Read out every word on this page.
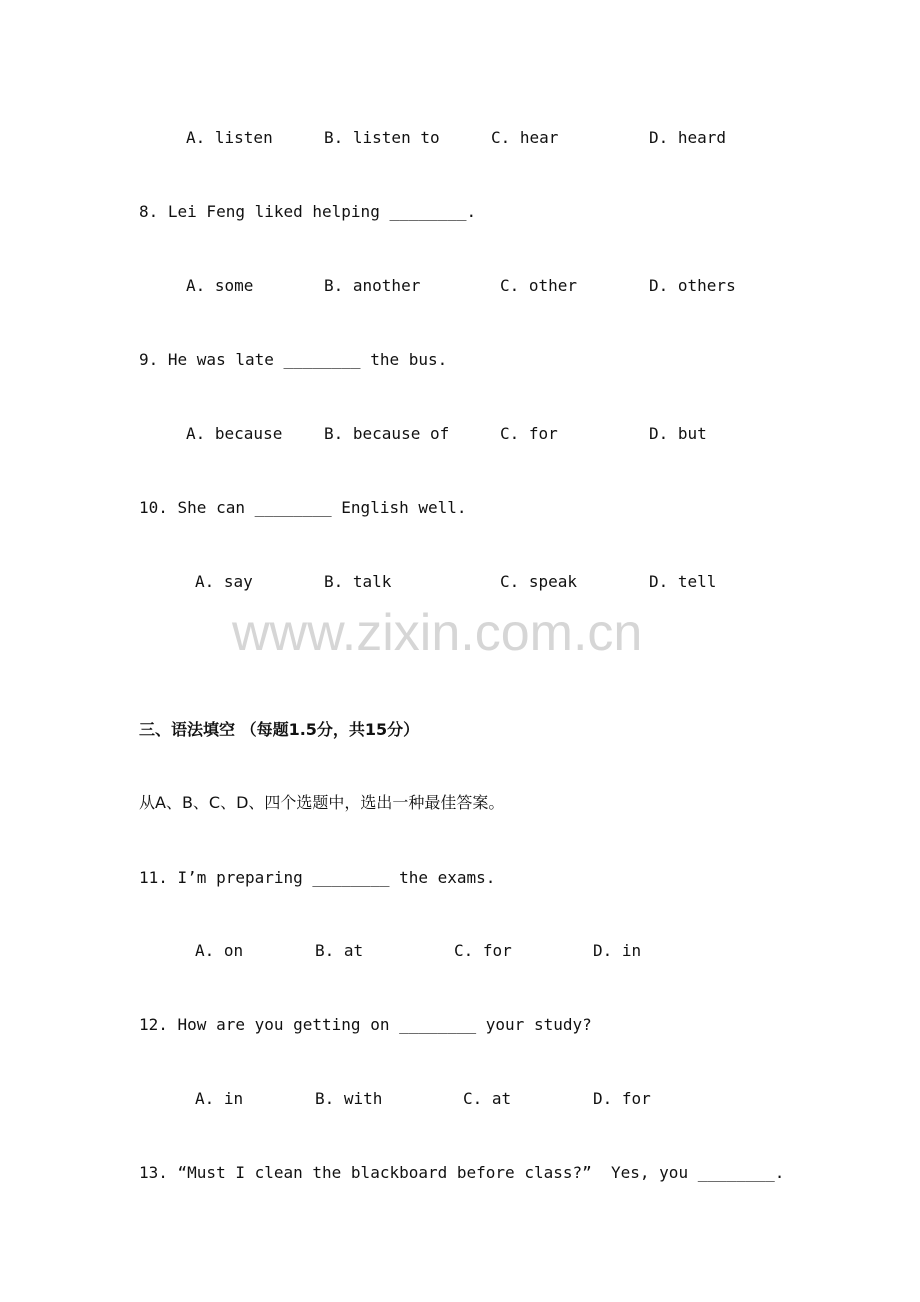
A. listen	B. listen to	C. hear	D. heard
8. Lei Feng liked helping ________.
A. some	B. another	C. other	D. others
9. He was late ________ the bus.
A. because	B. because of	C. for	D. but
10. She can ________ English well.
A. say	B. talk	C. speak	D. tell
www.zixin.com.cn
三、语法填空 （每题1.5分，共15分）
从A、B、C、D、四个选题中，选出一种最佳答案。
11. I’m preparing ________ the exams.
A. on	B. at	C. for	D. in
12. How are you getting on ________ your study?
A. in	B. with	C. at	D. for
13. “Must I clean the blackboard before class?”  Yes, you ________.
